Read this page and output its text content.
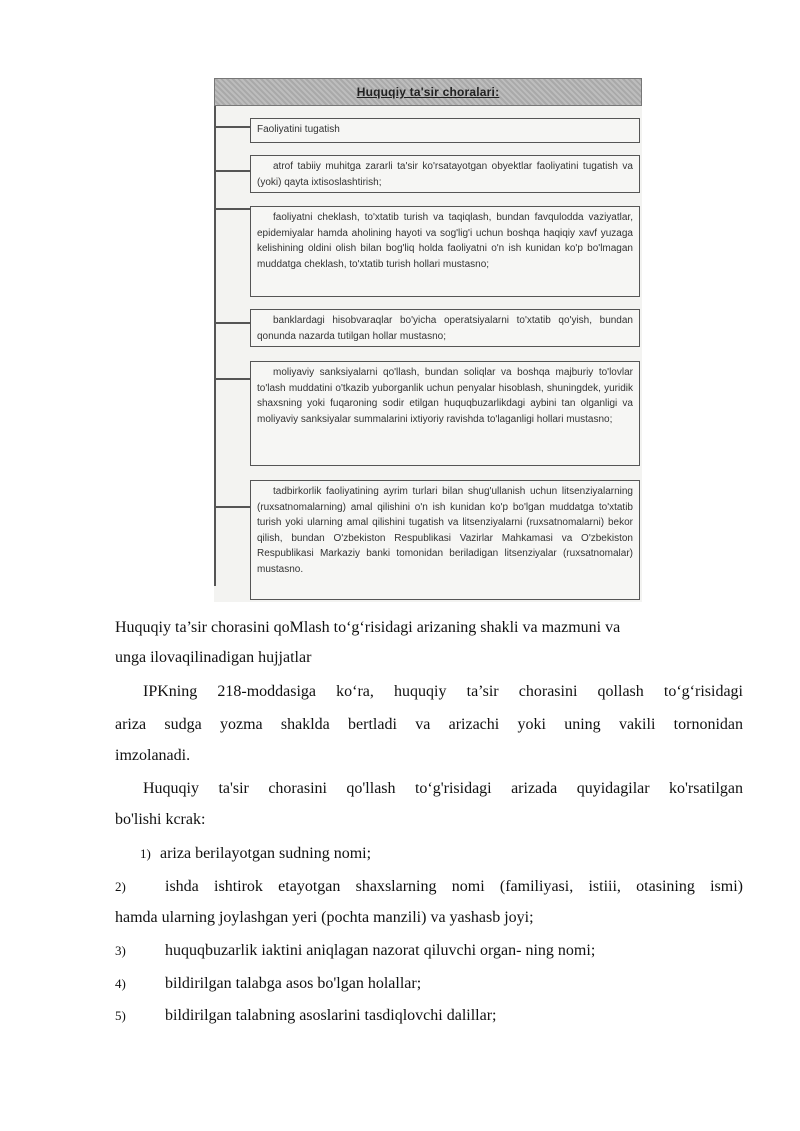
Huquqiy ta'sir choralari:
Faoliyatini tugatish
atrof tabiiy muhitga zararli ta'sir ko'rsatayotgan obyektlar faoliyatini tugatish va (yoki) qayta ixtisoslashtirish;
faoliyatni cheklash, to'xtatib turish va taqiqlash, bundan favqulodda vaziyatlar, epidemiyalar hamda aholining hayoti va sog'lig'i uchun boshqa haqiqiy xavf yuzaga kelishining oldini olish bilan bog'liq holda faoliyatni o'n ish kunidan ko'p bo'lmagan muddatga cheklash, to'xtatib turish hollari mustasno;
banklardagi hisobvaraqlar bo'yicha operatsiyalarni to'xtatib qo'yish, bundan qonunda nazarda tutilgan hollar mustasno;
moliyaviy sanksiyalarni qo'llash, bundan soliqlar va boshqa majburiy to'lovlar to'lash muddatini o'tkazib yuborganlik uchun penyalar hisoblash, shuningdek, yuridik shaxsning yoki fuqaroning sodir etilgan huquqbuzarlikdagi aybini tan olganligi va moliyaviy sanksiyalar summalarini ixtiyoriy ravishda to'laganligi hollari mustasno;
tadbirkorlik faoliyatining ayrim turlari bilan shug'ullanish uchun litsenziyalarning (ruxsatnomalarning) amal qilishini o'n ish kunidan ko'p bo'lgan muddatga to'xtatib turish yoki ularning amal qilishini tugatish va litsenziyalarni (ruxsatnomalarni) bekor qilish, bundan O'zbekiston Respublikasi Vazirlar Mahkamasi va O'zbekiston Respublikasi Markaziy banki tomonidan beriladigan litsenziyalar (ruxsatnomalar) mustasno.
Huquqiy ta’sir chorasini qoMlash to‘g‘risidagi arizaning shakli va mazmuni va
unga ilovaqilinadigan hujjatlar
IPKning 218-moddasiga ko‘ra, huquqiy ta’sir chorasini qollash to‘g‘risidagi
ariza sudga yozma shaklda bertladi va arizachi yoki uning vakili tornonidan
imzolanadi.
Huquqiy ta'sir chorasini qo'llash to‘g'risidagi arizada quyidagilar ko'rsatilgan
bo'lishi kcrak:
1) ariza berilayotgan sudning nomi;
2) ishda ishtirok etayotgan shaxslarning nomi (familiyasi, istiii, otasining ismi)
hamda ularning joylashgan yeri (pochta manzili) va yashasb joyi;
3) huquqbuzarlik iaktini aniqlagan nazorat qiluvchi organ- ning nomi;
4) bildirilgan talabga asos bo'lgan holallar;
5) bildirilgan talabning asoslarini tasdiqlovchi dalillar;
